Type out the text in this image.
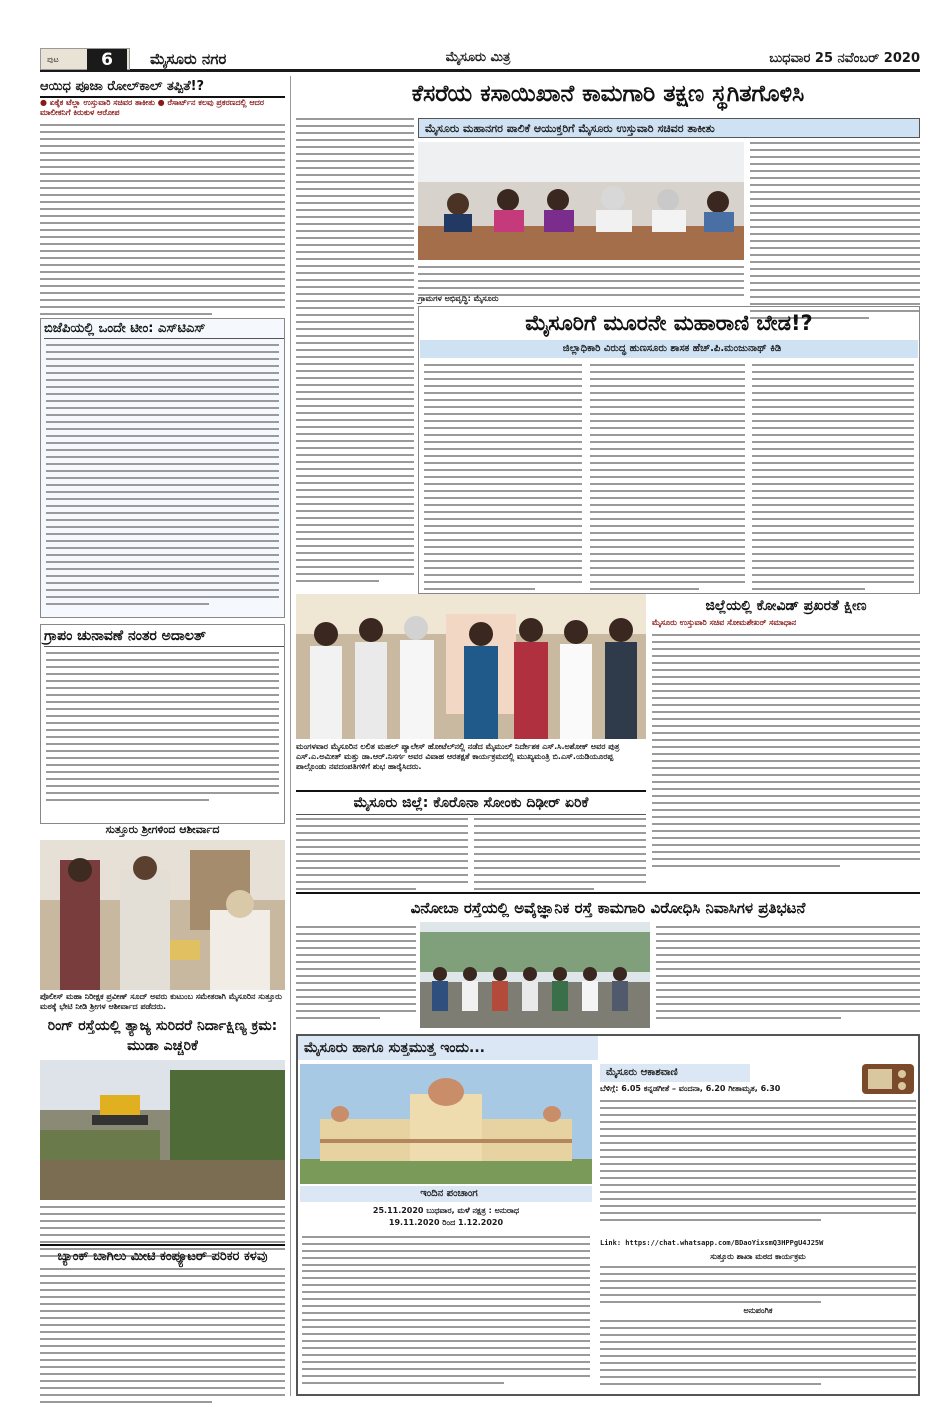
ಪುಟ	6	ಮೈಸೂರು ನಗರ	ಮೈಸೂರು ಮಿತ್ರ	ಬುಧವಾರ 25 ನವೆಂಬರ್ 2020
ಆಯಿಧ ಪೂಜಾ ರೋಲ್‌ಕಾಲ್ ತಪ್ಪಿತೆ!?
● ಏಕೈಕ ಟೆಲ್ಲಾ ಉಸ್ತುವಾರಿ ಸಚಿವರ ತಾಕೀತು ● ರೆಸಾರ್ಟ್‌ನ ಕಲವು ಪ್ರಕರಣದಲ್ಲಿ ಆದರ ಮಾಲೀಕನಿಗೆ ಕಿರುಕುಳ ಆರೋಪ
ಬಿಜೆಪಿಯಲ್ಲಿ ಒಂದೇ ಟೀಂ: ಎಸ್‌ಟಿಎಸ್
ಗ್ರಾಪಂ ಚುನಾವಣೆ ನಂತರ ಅದಾಲತ್
ಸುತ್ತೂರು ಶ್ರೀಗಳಿಂದ ಆಶೀರ್ವಾದ
ಪೊಲೀಸ್ ಮಹಾ ನಿರೀಕ್ಷಕ ಪ್ರವೀಣ್ ಸೂದ್ ಅವರು ಕುಟುಂಬ ಸಮೇತರಾಗಿ ಮೈಸೂರಿನ ಸುತ್ತೂರು ಮಠಕ್ಕೆ ಭೇಟಿ ನೀಡಿ ಶ್ರೀಗಳ ಆಶೀರ್ವಾದ ಪಡೆದರು.
ರಿಂಗ್ ರಸ್ತೆಯಲ್ಲಿ ತ್ಯಾಜ್ಯ ಸುರಿದರೆ ನಿರ್ದಾಕ್ಷಿಣ್ಯ ಕ್ರಮ: ಮುಡಾ ಎಚ್ಚರಿಕೆ
ಬ್ಯಾಂಕ್ ಬಾಗಿಲು ಮೀಟಿ ಕಂಪ್ಯೂಟರ್ ಪರಿಕರ ಕಳವು
ಕೆಸರೆಯ ಕಸಾಯಿಖಾನೆ ಕಾಮಗಾರಿ ತಕ್ಷಣ ಸ್ಥಗಿತಗೊಳಿಸಿ
ಮೈಸೂರು ಮಹಾನಗರ ಪಾಲಿಕೆ ಆಯುಕ್ತರಿಗೆ ಮೈಸೂರು ಉಸ್ತುವಾರಿ ಸಚಿವರ ತಾಕೀತು
ಗ್ರಾಮಗಳ ಅಭಿವೃದ್ಧಿ: ಮೈಸೂರು
ಮೈಸೂರಿಗೆ ಮೂರನೇ ಮಹಾರಾಣಿ ಬೇಡ!?
ಜಿಲ್ಲಾಧಿಕಾರಿ ವಿರುದ್ಧ ಹುಣಸೂರು ಶಾಸಕ ಹೆಚ್.ಪಿ.ಮಂಜುನಾಥ್ ಕಿಡಿ
ಮಂಗಳವಾರ ಮೈಸೂರಿನ ಲಲಿತ ಮಹಲ್ ಪ್ಯಾಲೇಸ್ ಹೋಟೆಲ್‌ನಲ್ಲಿ ನಡೆದ ಮೈಮುಲ್ ನಿರ್ದೇಶಕ ಎಸ್.ಸಿ.ಅಶೋಕ್ ಅವರ ಪುತ್ರ ಎಸ್.ಎ.ಅಮೀತ್ ಮತ್ತು ಡಾ.ಆರ್.ನಿಸರ್ಗ ಅವರ ವಿವಾಹ ಆರತಕ್ಷತೆ ಕಾರ್ಯಕ್ರಮದಲ್ಲಿ ಮುಖ್ಯಮಂತ್ರಿ ಬಿ.ಎಸ್.ಯಡಿಯೂರಪ್ಪ ಪಾಲ್ಗೊಂಡು ನವದಂಪತಿಗಳಿಗೆ ಶುಭ ಹಾರೈಸಿದರು.
ಮೈಸೂರು ಜಿಲ್ಲೆ: ಕೊರೊನಾ ಸೋಂಕು ದಿಢೀರ್ ಏರಿಕೆ
ಜಿಲ್ಲೆಯಲ್ಲಿ ಕೋವಿಡ್ ಪ್ರಖರತೆ ಕ್ಷೀಣ
ಮೈಸೂರು ಉಸ್ತುವಾರಿ ಸಚಿವ ಸೋಮಶೇಖರ್ ಸಮಾಧಾನ
ವಿನೋಬಾ ರಸ್ತೆಯಲ್ಲಿ ಅವೈಜ್ಞಾನಿಕ ರಸ್ತೆ ಕಾಮಗಾರಿ ವಿರೋಧಿಸಿ ನಿವಾಸಿಗಳ ಪ್ರತಿಭಟನೆ
ಮೈಸೂರು ಹಾಗೂ ಸುತ್ತಮುತ್ತ ಇಂದು...
ಇಂದಿನ ಪಂಚಾಂಗ
25.11.2020 ಬುಧವಾರ, ಮಳೆ ನಕ್ಷತ್ರ : ಅನುರಾಧ
19.11.2020 ರಿಂದ 1.12.2020
ಮೈಸೂರು ಆಕಾಶವಾಣಿ
ಬೆಳಿಗ್ಗೆ: 6.05 ಕನ್ನಡಗೀತೆ – ವಂದನಾ, 6.20 ಗೀತಾಮೃತ, 6.30
Link: https://chat.whatsapp.com/BDaoYixsmQ3HPPgU4J25W
ಸುತ್ತೂರು ಶಾಖಾ ಮಠದ ಕಾರ್ಯಕ್ರಮ
ಅನುಪಂಗಿಕ
